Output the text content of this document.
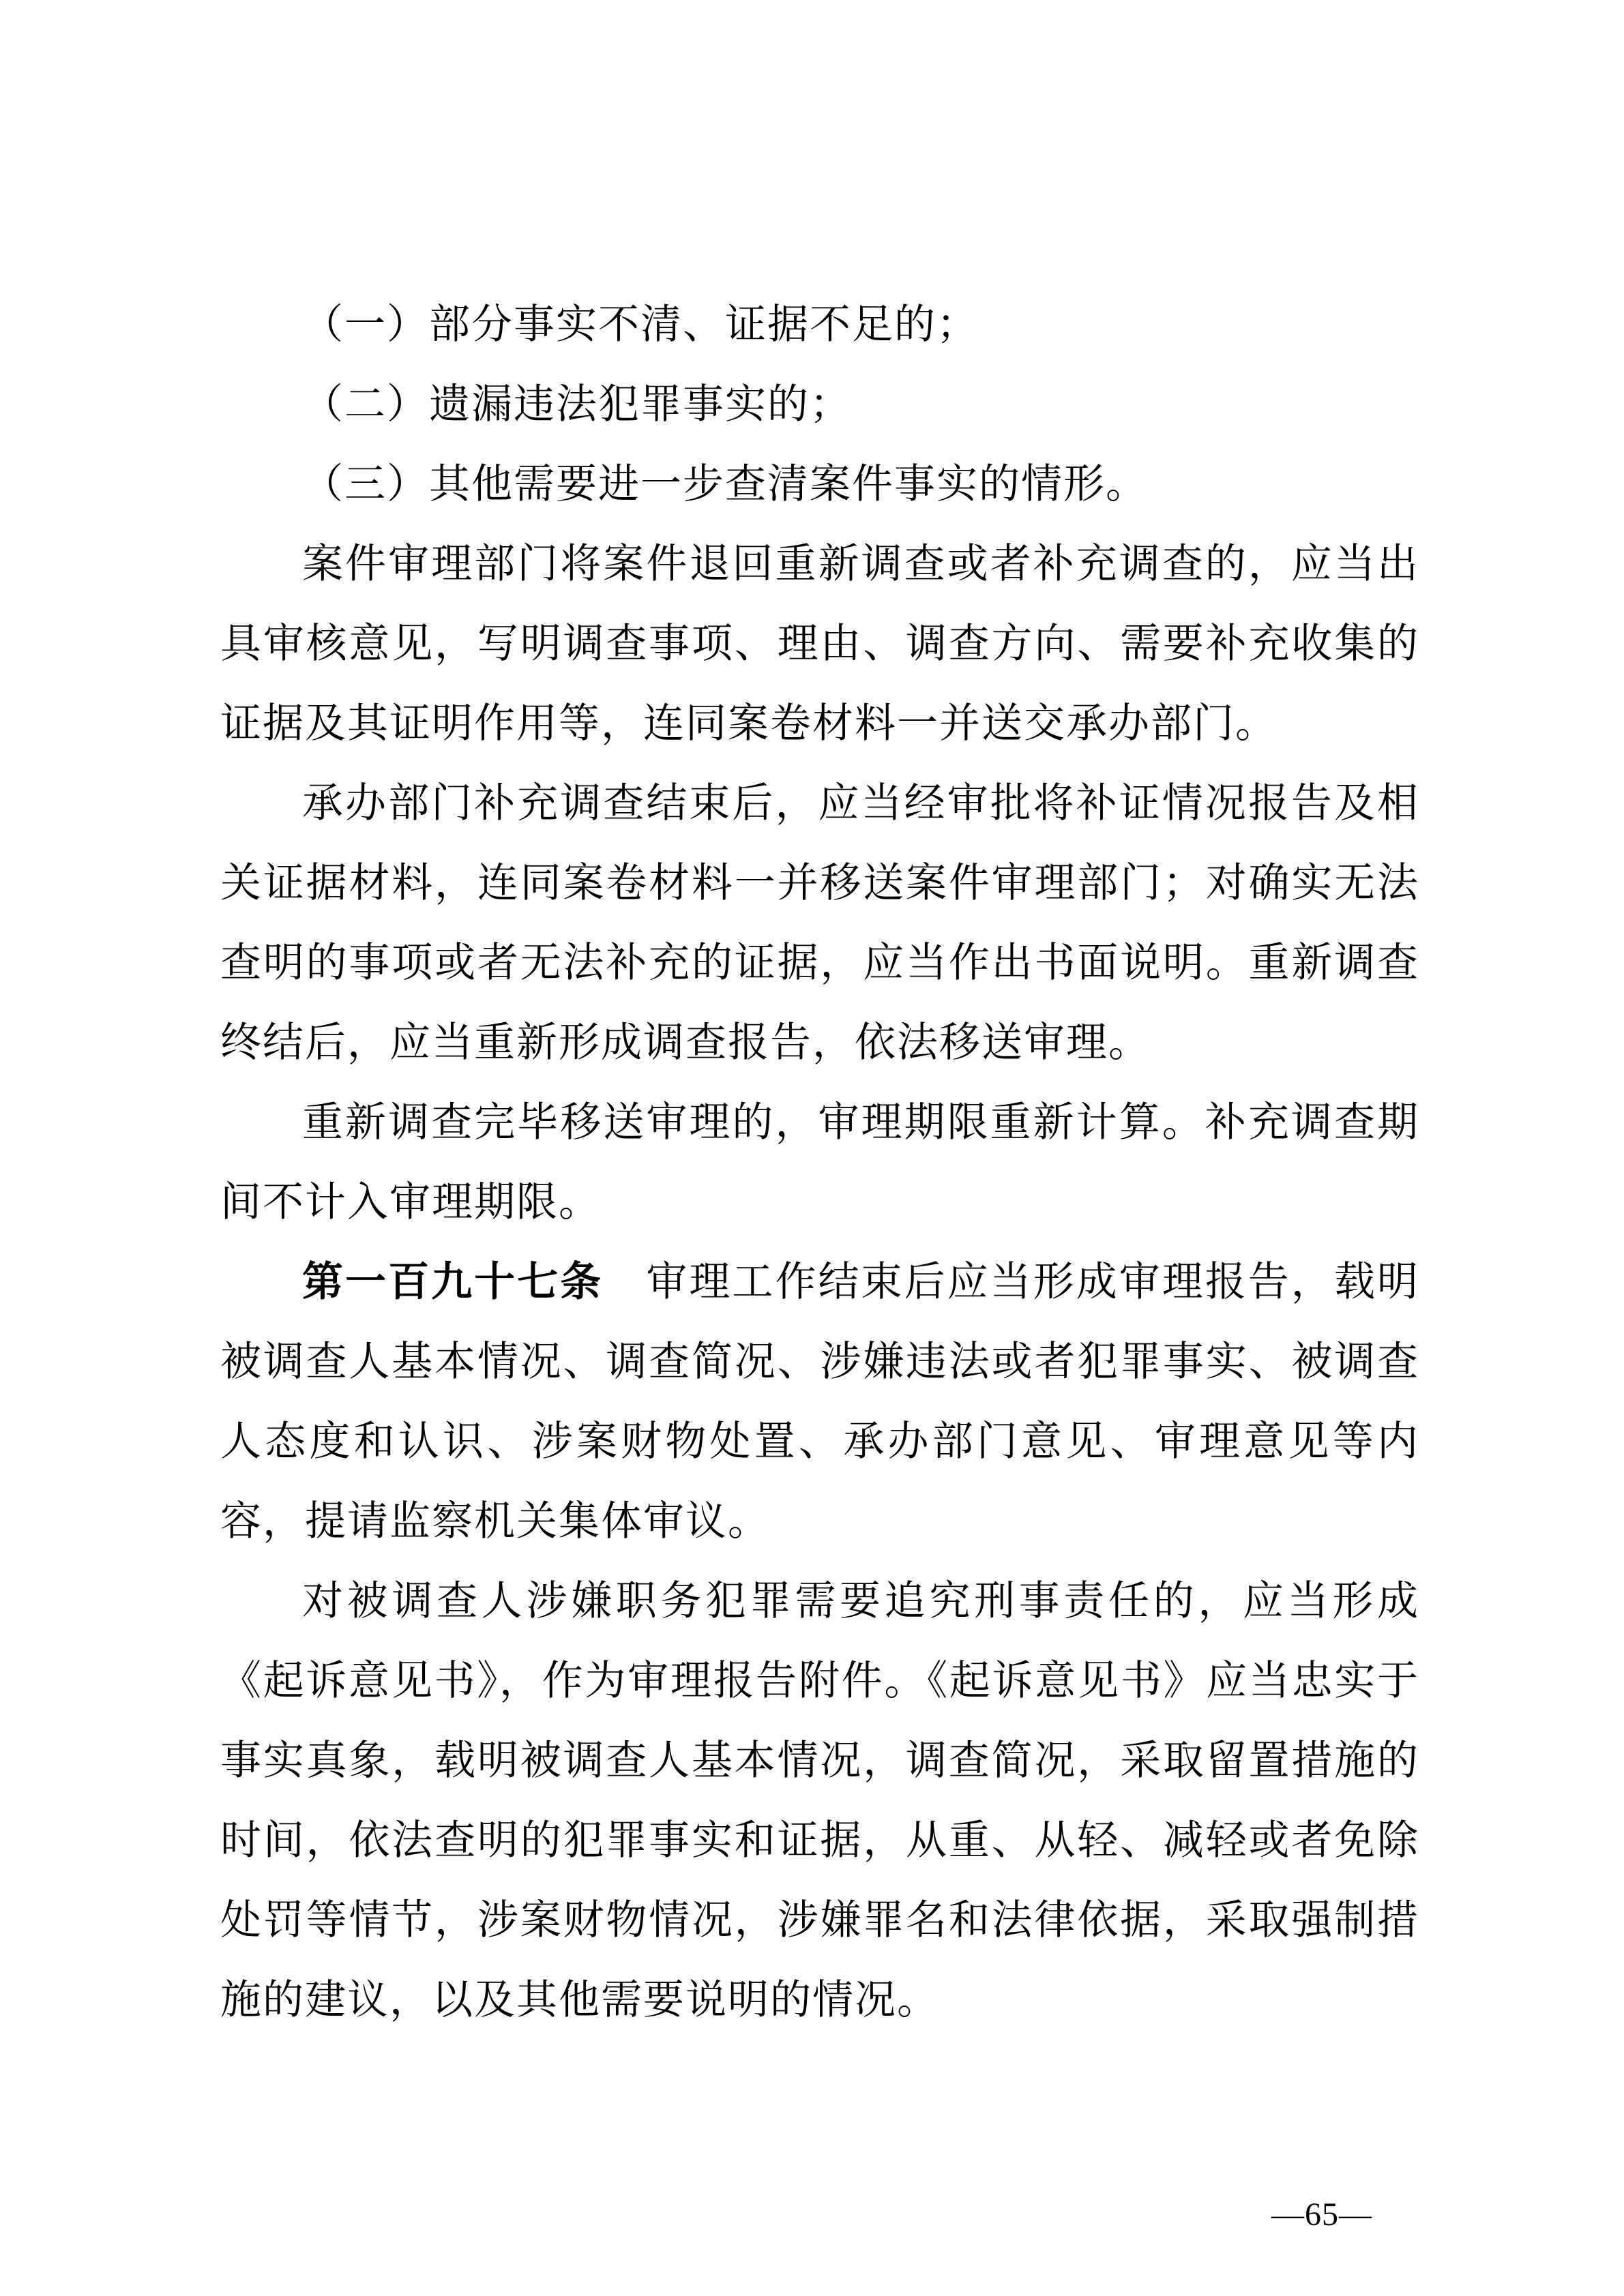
（一）部分事实不清、证据不足的；

（二）遗漏违法犯罪事实的；

（三）其他需要进一步查清案件事实的情形。

案件审理部门将案件退回重新调查或者补充调查的，应当出具审核意见，写明调查事项、理由、调查方向、需要补充收集的证据及其证明作用等，连同案卷材料一并送交承办部门。

承办部门补充调查结束后，应当经审批将补证情况报告及相关证据材料，连同案卷材料一并移送案件审理部门；对确实无法查明的事项或者无法补充的证据，应当作出书面说明。重新调查终结后，应当重新形成调查报告，依法移送审理。

重新调查完毕移送审理的，审理期限重新计算。补充调查期间不计入审理期限。

第一百九十七条　 审理工作结束后应当形成审理报告，载明被调查人基本情况、调查简况、涉嫌违法或者犯罪事实、被调查人态度和认识、涉案财物处置、承办部门意见、审理意见等内容，提请监察机关集体审议。

对被调查人涉嫌职务犯罪需要追究刑事责任的，应当形成《起诉意见书》，作为审理报告附件。《起诉意见书》应当忠实于事实真象，载明被调查人基本情况，调查简况，采取留置措施的时间，依法查明的犯罪事实和证据，从重、从轻、减轻或者免除处罚等情节，涉案财物情况，涉嫌罪名和法律依据，采取强制措施的建议，以及其他需要说明的情况。

—65—
